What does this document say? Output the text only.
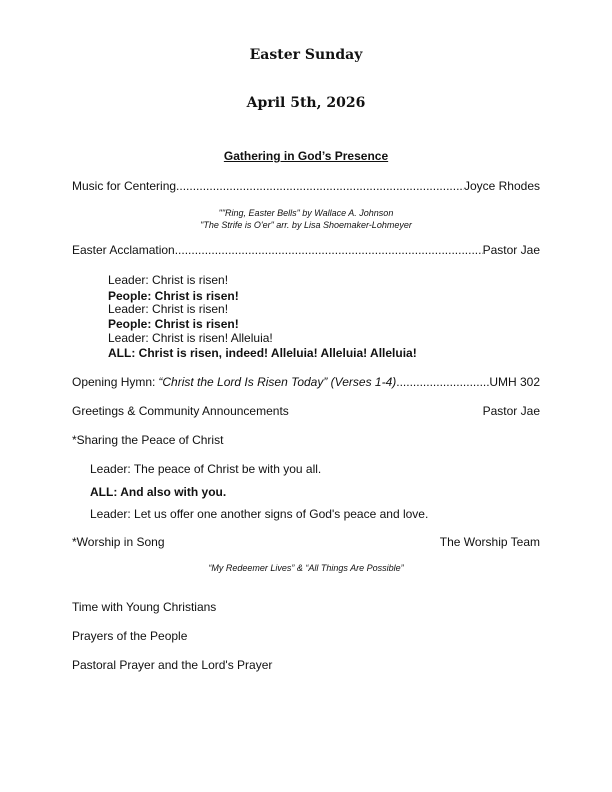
Easter Sunday
April 5th, 2026
Gathering in God’s Presence
Music for Centering .....	Joyce Rhodes
""Ring, Easter Bells" by Wallace A. Johnson
"The Strife is O'er" arr. by Lisa Shoemaker-Lohmeyer
Easter Acclamation .....	Pastor Jae
Leader: Christ is risen!
People: Christ is risen!
Leader: Christ is risen!
People: Christ is risen!
Leader: Christ is risen! Alleluia!
ALL: Christ is risen, indeed! Alleluia! Alleluia! Alleluia!
Opening Hymn: “Christ the Lord Is Risen Today” (Verses 1-4) .....	UMH 302
Greetings & Community Announcements	Pastor Jae
*Sharing the Peace of Christ
Leader: The peace of Christ be with you all.
ALL: And also with you.
Leader: Let us offer one another signs of God's peace and love.
*Worship in Song	The Worship Team
“My Redeemer Lives” & “All Things Are Possible”
Time with Young Christians
Prayers of the People
Pastoral Prayer and the Lord's Prayer
